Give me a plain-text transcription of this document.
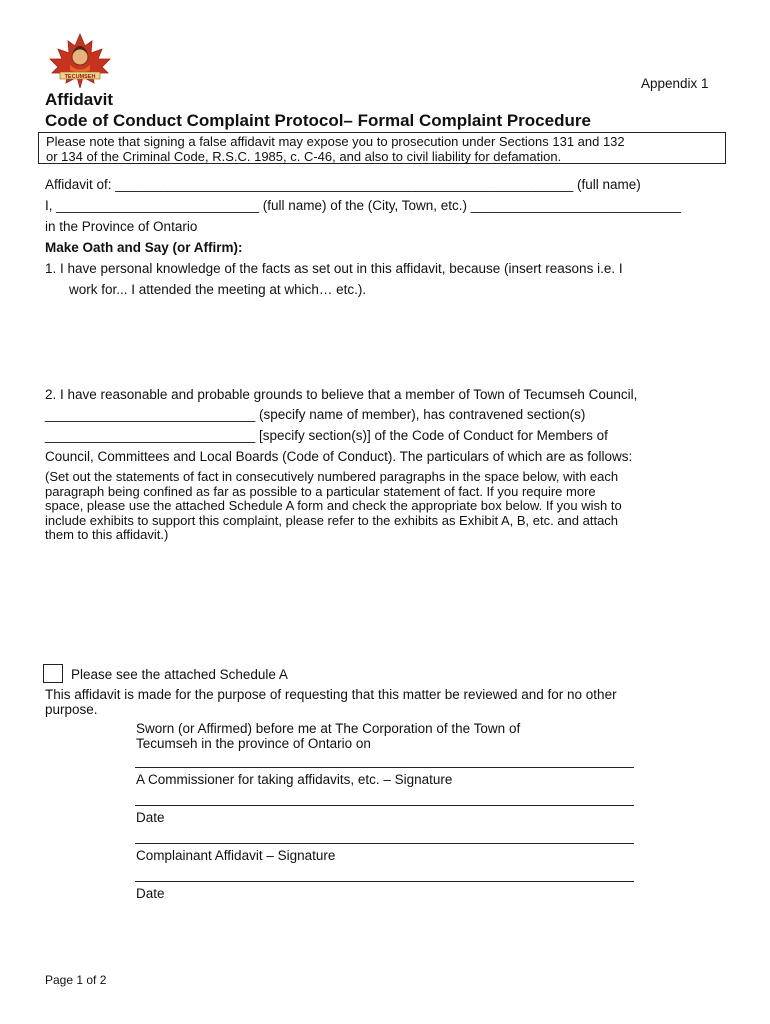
TECUMSEH	Appendix 1
Affidavit
Code of Conduct Complaint Protocol– Formal Complaint Procedure
Please note that signing a false affidavit may expose you to prosecution under Sections 131 and 132
or 134 of the Criminal Code, R.S.C. 1985, c. C-46, and also to civil liability for defamation.
Affidavit of: _____________________________________________________________ (full name)
I, ___________________________ (full name) of the (City, Town, etc.) ____________________________
in the Province of Ontario
Make Oath and Say (or Affirm):
1. I have personal knowledge of the facts as set out in this affidavit, because (insert reasons i.e. I
work for... I attended the meeting at which… etc.).
2. I have reasonable and probable grounds to believe that a member of Town of Tecumseh Council,
____________________________ (specify name of member), has contravened section(s)
____________________________ [specify section(s)] of the Code of Conduct for Members of
Council, Committees and Local Boards (Code of Conduct). The particulars of which are as follows:
(Set out the statements of fact in consecutively numbered paragraphs in the space below, with each
paragraph being confined as far as possible to a particular statement of fact. If you require more
space, please use the attached Schedule A form and check the appropriate box below. If you wish to
include exhibits to support this complaint, please refer to the exhibits as Exhibit A, B, etc. and attach
them to this affidavit.)
Please see the attached Schedule A
This affidavit is made for the purpose of requesting that this matter be reviewed and for no other
purpose.
Sworn (or Affirmed) before me at The Corporation of the Town of
Tecumseh in the province of Ontario on
A Commissioner for taking affidavits, etc. – Signature
Date
Complainant Affidavit – Signature
Date
Page 1 of 2
